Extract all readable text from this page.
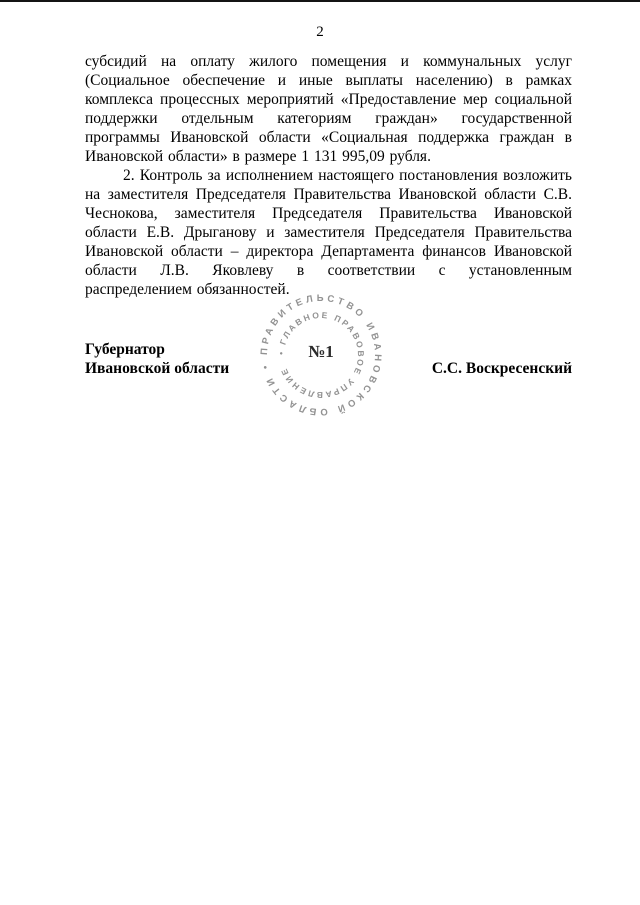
2

субсидий на оплату жилого помещения и коммунальных услуг (Социальное обеспечение и иные выплаты населению) в рамках комплекса процессных мероприятий «Предоставление мер социальной поддержки отдельным категориям граждан» государственной программы Ивановской области «Социальная поддержка граждан в Ивановской области» в размере 1 131 995,09 рубля.

2. Контроль за исполнением настоящего постановления возложить на заместителя Председателя Правительства Ивановской области С.В. Чеснокова, заместителя Председателя Правительства Ивановской области Е.В. Дрыганову и заместителя Председателя Правительства Ивановской области – директора Департамента финансов Ивановской области Л.В. Яковлеву в соответствии с установленным распределением обязанностей.

Губернатор
Ивановской области	С.С. Воскресенский
ПРАВИТЕЛЬСТВО ИВАНОВСКОЙ ОБЛАСТИ •
• ГЛАВНОЕ ПРАВОВОЕ УПРАВЛЕНИЕ
№1
